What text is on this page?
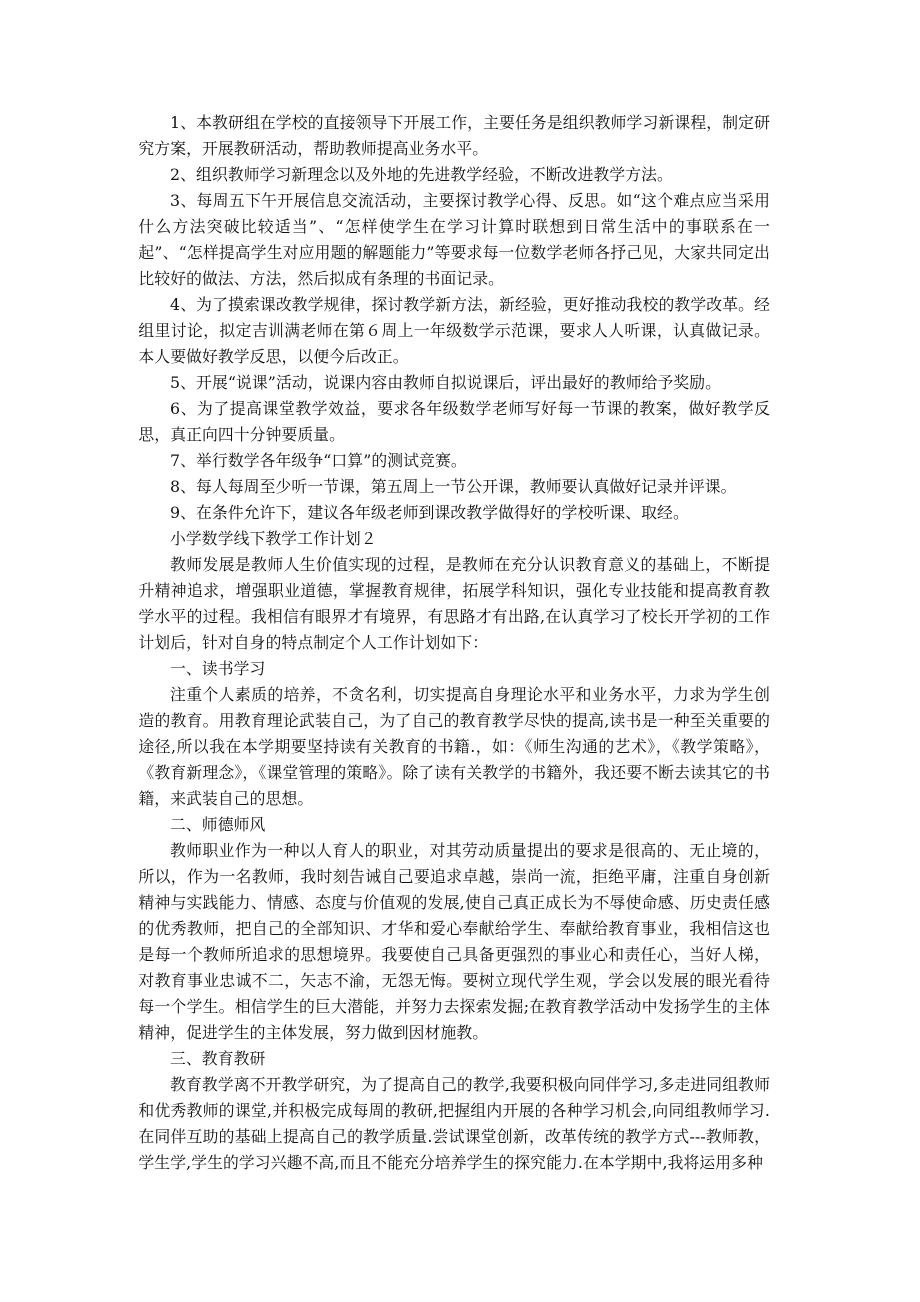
1、本教研组在学校的直接领导下开展工作，主要任务是组织教师学习新课程，制定研究方案，开展教研活动，帮助教师提高业务水平。

2、组织教师学习新理念以及外地的先进教学经验，不断改进教学方法。

3、每周五下午开展信息交流活动，主要探讨教学心得、反思。如“这个难点应当采用什么方法突破比较适当”、“怎样使学生在学习计算时联想到日常生活中的事联系在一起”、“怎样提高学生对应用题的解题能力”等要求每一位数学老师各抒己见，大家共同定出比较好的做法、方法，然后拟成有条理的书面记录。

4、为了摸索课改教学规律，探讨教学新方法，新经验，更好推动我校的教学改革。经组里讨论，拟定吉训满老师在第６周上一年级数学示范课，要求人人听课，认真做记录。本人要做好教学反思，以便今后改正。

5、开展“说课”活动，说课内容由教师自拟说课后，评出最好的教师给予奖励。

6、为了提高课堂教学效益，要求各年级数学老师写好每一节课的教案，做好教学反思，真正向四十分钟要质量。

7、举行数学各年级争“口算”的测试竞赛。

8、每人每周至少听一节课，第五周上一节公开课，教师要认真做好记录并评课。

9、在条件允许下，建议各年级老师到课改教学做得好的学校听课、取经。

小学数学线下教学工作计划２

教师发展是教师人生价值实现的过程，是教师在充分认识教育意义的基础上，不断提升精神追求，增强职业道德，掌握教育规律，拓展学科知识，强化专业技能和提高教育教学水平的过程。我相信有眼界才有境界，有思路才有出路,在认真学习了校长开学初的工作计划后，针对自身的特点制定个人工作计划如下：

一、读书学习

注重个人素质的培养，不贪名利，切实提高自身理论水平和业务水平，力求为学生创造的教育。用教育理论武装自己，为了自己的教育教学尽快的提高,读书是一种至关重要的途径,所以我在本学期要坚持读有关教育的书籍.，如：《师生沟通的艺术》，《教学策略》，《教育新理念》，《课堂管理的策略》。除了读有关教学的书籍外，我还要不断去读其它的书籍，来武装自己的思想。

二、师德师风

教师职业作为一种以人育人的职业，对其劳动质量提出的要求是很高的、无止境的，所以，作为一名教师，我时刻告诫自己要追求卓越，崇尚一流，拒绝平庸，注重自身创新精神与实践能力、情感、态度与价值观的发展,使自己真正成长为不辱使命感、历史责任感的优秀教师，把自己的全部知识、才华和爱心奉献给学生、奉献给教育事业，我相信这也是每一个教师所追求的思想境界。我要使自己具备更强烈的事业心和责任心，当好人梯，对教育事业忠诚不二，矢志不渝，无怨无悔。要树立现代学生观，学会以发展的眼光看待每一个学生。相信学生的巨大潜能，并努力去探索发掘;在教育教学活动中发扬学生的主体精神，促进学生的主体发展，努力做到因材施教。

三、教育教研

教育教学离不开教学研究，为了提高自己的教学,我要积极向同伴学习,多走进同组教师和优秀教师的课堂,并积极完成每周的教研,把握组内开展的各种学习机会,向同组教师学习.在同伴互助的基础上提高自己的教学质量.尝试课堂创新，改革传统的教学方式---教师教，学生学,学生的学习兴趣不高,而且不能充分培养学生的探究能力.在本学期中,我将运用多种
